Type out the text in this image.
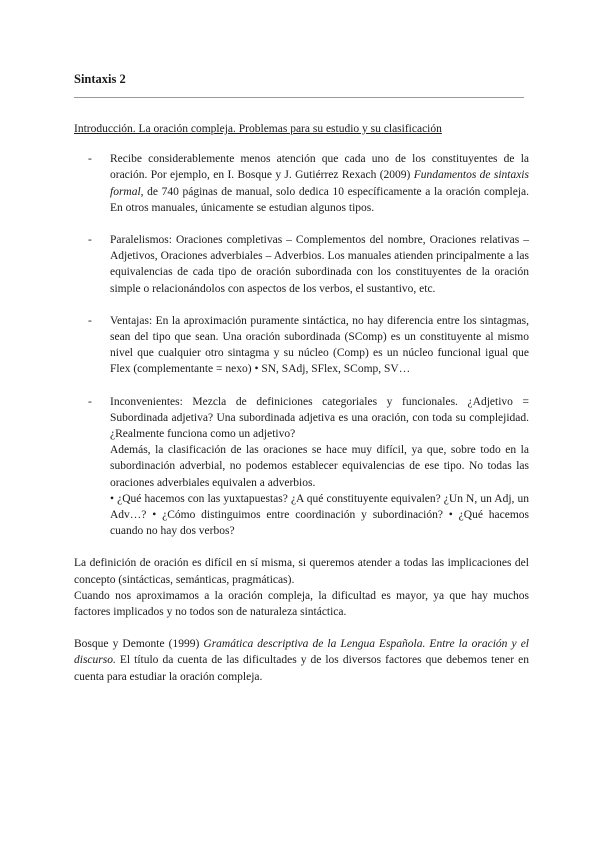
Sintaxis 2
Introducción. La oración compleja. Problemas para su estudio y su clasificación
- Recibe considerablemente menos atención que cada uno de los constituyentes de la oración. Por ejemplo, en I. Bosque y J. Gutiérrez Rexach (2009) Fundamentos de sintaxis formal, de 740 páginas de manual, solo dedica 10 específicamente a la oración compleja. En otros manuales, únicamente se estudian algunos tipos.
- Paralelismos: Oraciones completivas – Complementos del nombre, Oraciones relativas – Adjetivos, Oraciones adverbiales – Adverbios. Los manuales atienden principalmente a las equivalencias de cada tipo de oración subordinada con los constituyentes de la oración simple o relacionándolos con aspectos de los verbos, el sustantivo, etc.
- Ventajas: En la aproximación puramente sintáctica, no hay diferencia entre los sintagmas, sean del tipo que sean. Una oración subordinada (SComp) es un constituyente al mismo nivel que cualquier otro sintagma y su núcleo (Comp) es un núcleo funcional igual que Flex (complementante = nexo) • SN, SAdj, SFlex, SComp, SV…
- Inconvenientes: Mezcla de definiciones categoriales y funcionales. ¿Adjetivo = Subordinada adjetiva? Una subordinada adjetiva es una oración, con toda su complejidad. ¿Realmente funciona como un adjetivo?

Además, la clasificación de las oraciones se hace muy difícil, ya que, sobre todo en la subordinación adverbial, no podemos establecer equivalencias de ese tipo. No todas las oraciones adverbiales equivalen a adverbios.

• ¿Qué hacemos con las yuxtapuestas? ¿A qué constituyente equivalen? ¿Un N, un Adj, un Adv…? • ¿Cómo distinguimos entre coordinación y subordinación? • ¿Qué hacemos cuando no hay dos verbos?

La definición de oración es difícil en sí misma, si queremos atender a todas las implicaciones del concepto (sintácticas, semánticas, pragmáticas).

Cuando nos aproximamos a la oración compleja, la dificultad es mayor, ya que hay muchos factores implicados y no todos son de naturaleza sintáctica.

Bosque y Demonte (1999) Gramática descriptiva de la Lengua Española. Entre la oración y el discurso. El título da cuenta de las dificultades y de los diversos factores que debemos tener en cuenta para estudiar la oración compleja.
